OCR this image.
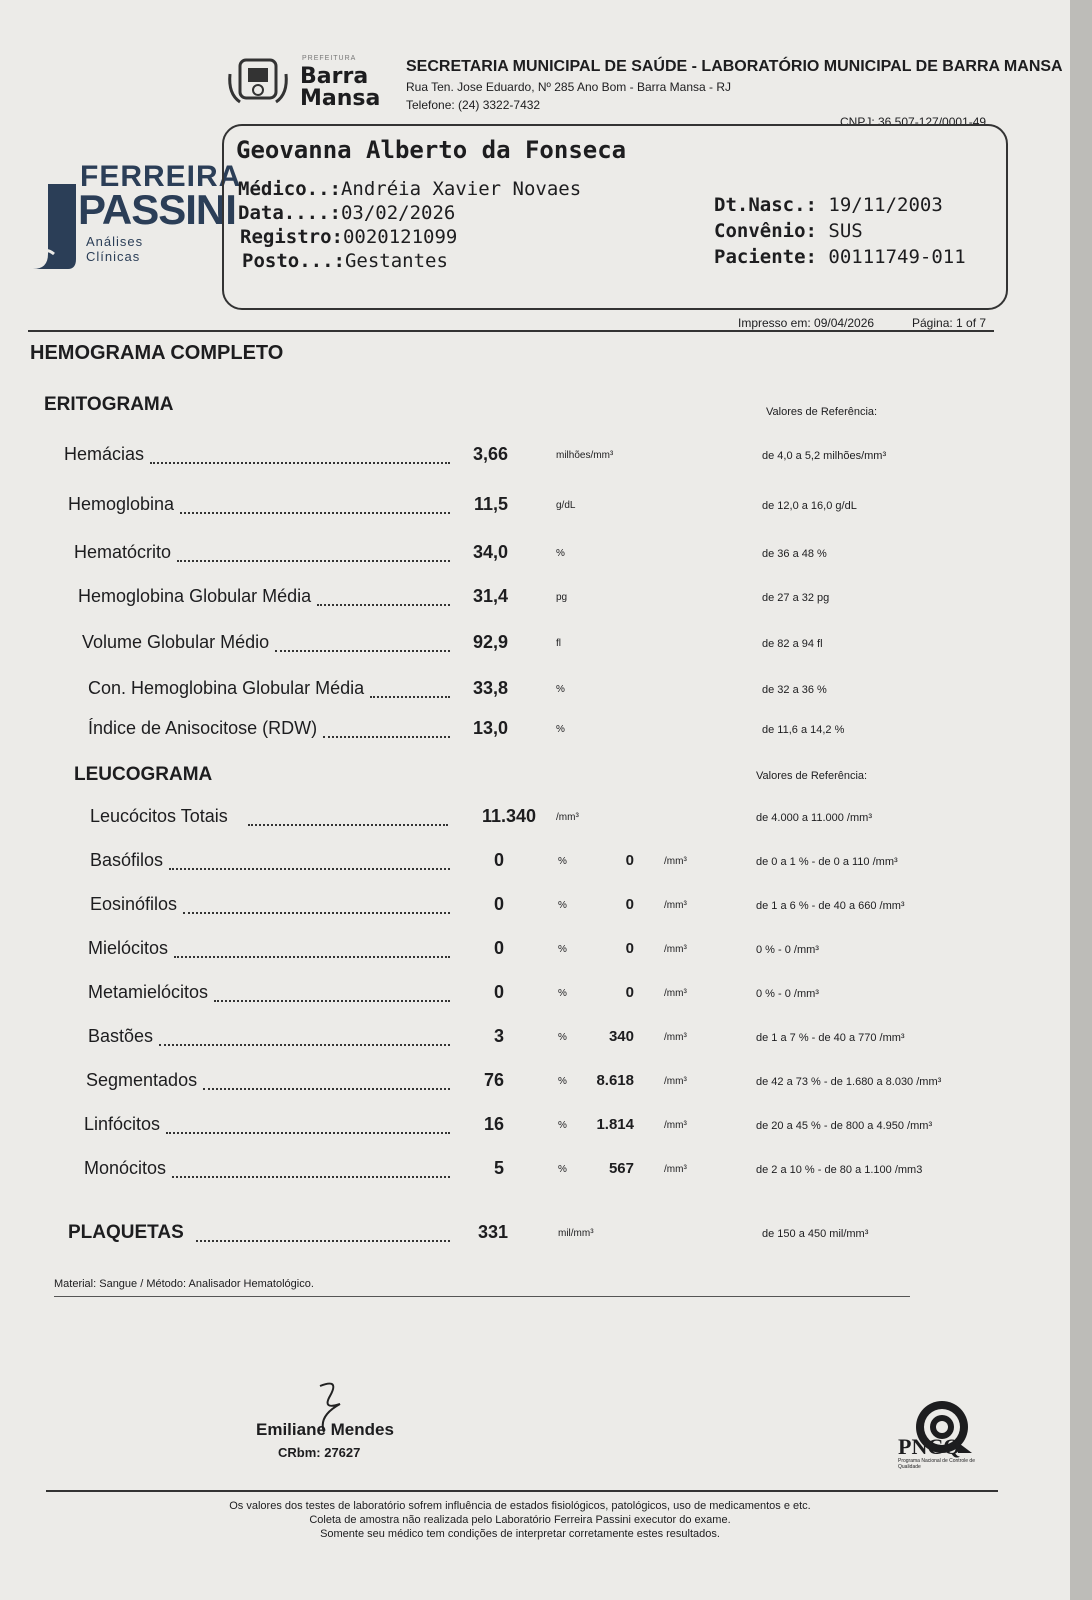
PREFEITURA
Barra
Mansa
SECRETARIA MUNICIPAL DE SAÚDE - LABORATÓRIO MUNICIPAL DE BARRA MANSA
Rua Ten. Jose Eduardo, Nº 285 Ano Bom - Barra Mansa - RJ
Telefone: (24) 3322-7432
CNPJ: 36.507-127/0001-49
FERREIRA
PASSINI
Análises Clínicas
Geovanna Alberto da Fonseca
Médico..:Andréia Xavier Novaes
Data....:03/02/2026
Registro:0020121099
Posto...:Gestantes
Dt.Nasc.: 19/11/2003
Convênio: SUS
Paciente: 00111749-011
Impresso em: 09/04/2026	Página: 1 of 7
HEMOGRAMA COMPLETO
ERITOGRAMA	Valores de Referência:
Hemácias	3,66	milhões/mm³	de 4,0 a 5,2 milhões/mm³
Hemoglobina	11,5	g/dL	de 12,0 a 16,0 g/dL
Hematócrito	34,0	%	de 36 a 48 %
Hemoglobina Globular Média	31,4	pg	de 27 a 32 pg
Volume Globular Médio	92,9	fl	de 82 a 94 fl
Con. Hemoglobina Globular Média	33,8	%	de 32 a 36 %
Índice de Anisocitose (RDW)	13,0	%	de 11,6 a 14,2 %
LEUCOGRAMA	Valores de Referência:
Leucócitos Totais	11.340 /mm³	de 4.000 a 11.000 /mm³
Basófilos	0	%	0	/mm³	de 0 a 1 % - de 0 a 110 /mm³
Eosinófilos	0	%	0	/mm³	de 1 a 6 % - de 40 a 660 /mm³
Mielócitos	0	%	0	/mm³	0 % - 0 /mm³
Metamielócitos	0	%	0	/mm³	0 % - 0 /mm³
Bastões	3	%	340	/mm³	de 1 a 7 % - de 40 a 770 /mm³
Segmentados	76	%	8.618	/mm³	de 42 a 73 % - de 1.680 a 8.030 /mm³
Linfócitos	16	%	1.814	/mm³	de 20 a 45 % - de 800 a 4.950 /mm³
Monócitos	5	%	567	/mm³	de 2 a 10 % - de 80 a 1.100 /mm3
PLAQUETAS	331	mil/mm³	de 150 a 450 mil/mm³
Material: Sangue / Método: Analisador Hematológico.
Emiliane Mendes
CRbm: 27627	PNCQ
Programa Nacional de Controle de Qualidade
Os valores dos testes de laboratório sofrem influência de estados fisiológicos, patológicos, uso de medicamentos e etc.
Coleta de amostra não realizada pelo Laboratório Ferreira Passini executor do exame.
Somente seu médico tem condições de interpretar corretamente estes resultados.
